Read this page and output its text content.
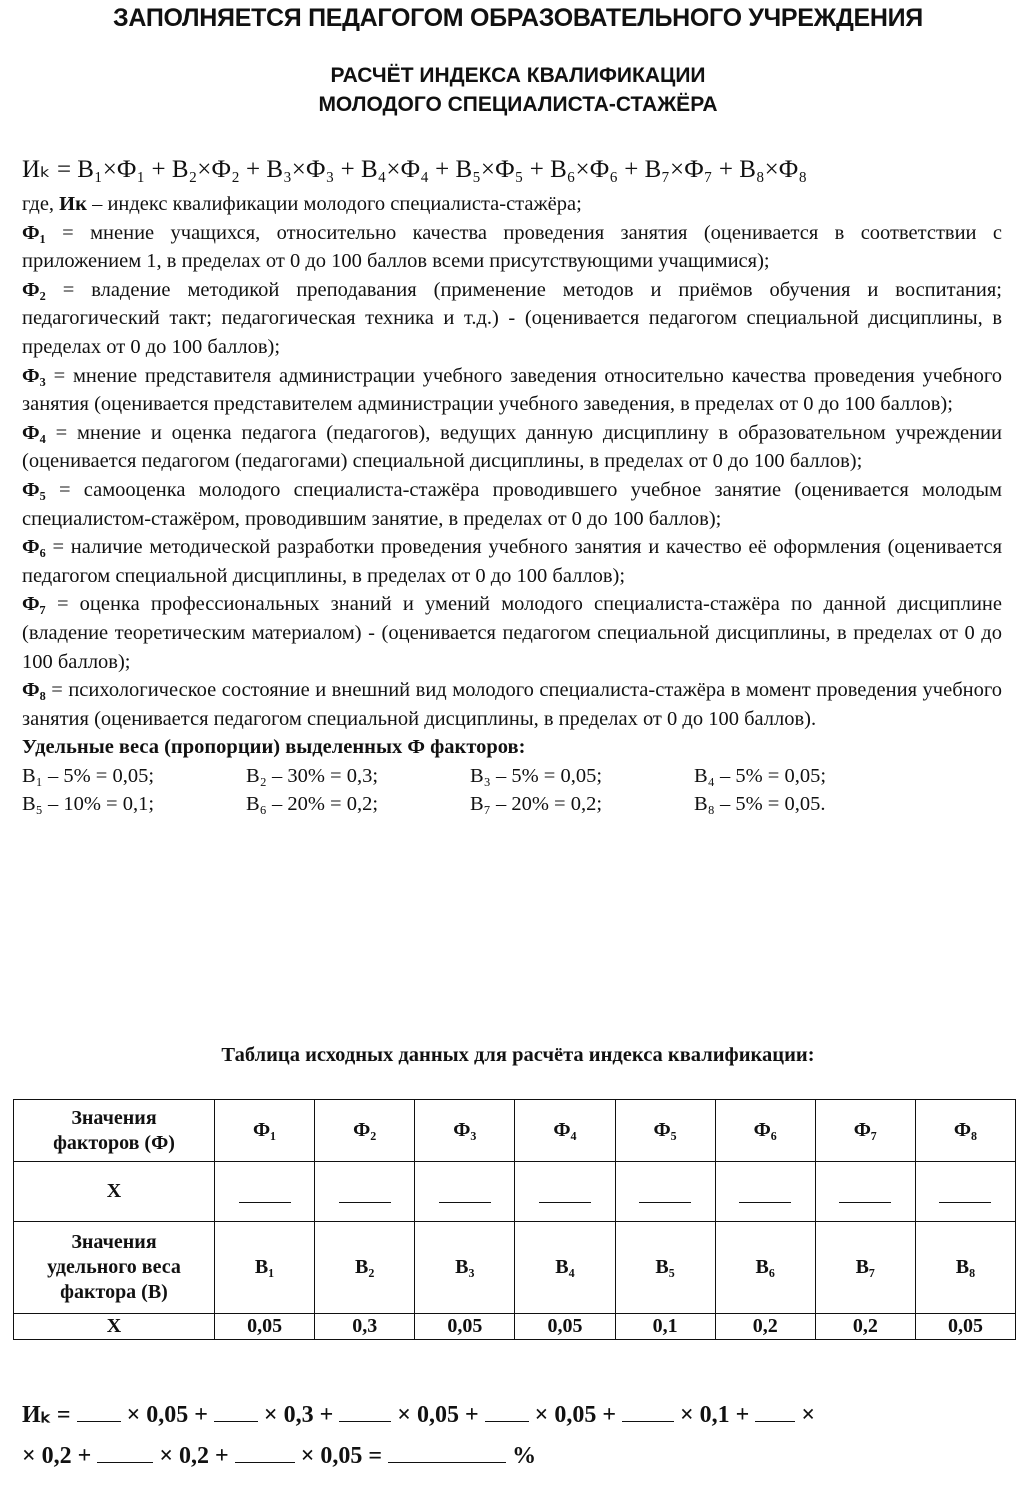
ЗАПОЛНЯЕТСЯ ПЕДАГОГОМ ОБРАЗОВАТЕЛЬНОГО УЧРЕЖДЕНИЯ
РАСЧЁТ ИНДЕКСА КВАЛИФИКАЦИИ
МОЛОДОГО СПЕЦИАЛИСТА-СТАЖЁРА
Иₖ = В₁×Ф₁ + В₂×Ф₂ + В₃×Ф₃ + В₄×Ф₄ + В₅×Ф₅ + В₆×Ф₆ + В₇×Ф₇ + В₈×Ф₈

где, Ик – индекс квалификации молодого специалиста-стажёра;

Ф₁ = мнение учащихся, относительно качества проведения занятия (оценивается в соответствии с приложением 1, в пределах от 0 до 100 баллов всеми присутствующими учащимися);

Ф₂ = владение методикой преподавания (применение методов и приёмов обучения и воспитания; педагогический такт; педагогическая техника и т.д.) - (оценивается педагогом специальной дисциплины, в пределах от 0 до 100 баллов);

Ф₃ = мнение представителя администрации учебного заведения относительно качества проведения учебного занятия (оценивается представителем администрации учебного заведения, в пределах от 0 до 100 баллов);

Ф₄ = мнение и оценка педагога (педагогов), ведущих данную дисциплину в образовательном учреждении (оценивается педагогом (педагогами) специальной дисциплины, в пределах от 0 до 100 баллов);

Ф₅ = самооценка молодого специалиста-стажёра проводившего учебное занятие (оценивается молодым специалистом-стажёром, проводившим занятие, в пределах от 0 до 100 баллов);

Ф₆ = наличие методической разработки проведения учебного занятия и качество её оформления (оценивается педагогом специальной дисциплины, в пределах от 0 до 100 баллов);

Ф₇ = оценка профессиональных знаний и умений молодого специалиста-стажёра по данной дисциплине (владение теоретическим материалом) - (оценивается педагогом специальной дисциплины, в пределах от 0 до 100 баллов);

Ф₈ = психологическое состояние и внешний вид молодого специалиста-стажёра в момент проведения учебного занятия (оценивается педагогом специальной дисциплины, в пределах от 0 до 100 баллов).

Удельные веса (пропорции) выделенных Ф факторов:

В₁ – 5% = 0,05;	В₂ – 30% = 0,3;	В₃ – 5% = 0,05;	В₄ – 5% = 0,05;
В₅ – 10% = 0,1;	В₆ – 20% = 0,2;	В₇ – 20% = 0,2;	В₈ – 5% = 0,05.
Таблица исходных данных для расчёта индекса квалификации:
Значения
факторов (Ф)	Ф₁	Ф₂	Ф₃	Ф₄	Ф₅	Ф₆	Ф₇	Ф₈
X								

Значения
удельного веса
фактора (В)	В₁	В₂	В₃	В₄	В₅	В₆	В₇	В₈
X	0,05	0,3	0,05	0,05	0,1	0,2	0,2	0,05
Иₖ = × 0,05 + × 0,3 +	× 0,05 + × 0,05 +	× 0,1 + ×
× 0,2 +	× 0,2 +	× 0,05 =	%
